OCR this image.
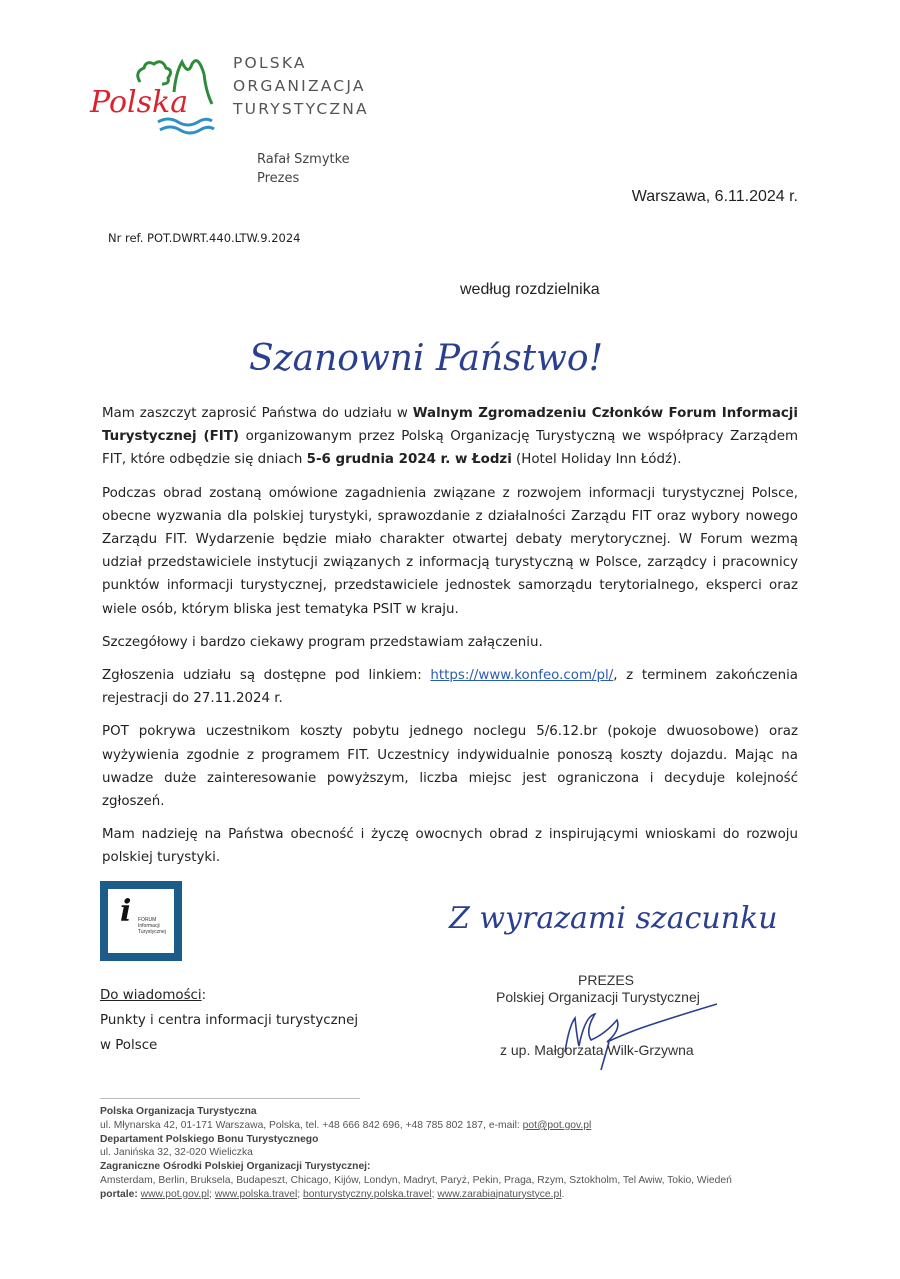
Polska
POLSKA
ORGANIZACJA
TURYSTYCZNA
Rafał Szmytke
Prezes
Warszawa, 6.11.2024 r.
Nr ref. POT.DWRT.440.LTW.9.2024
według rozdzielnika
Szanowni Państwo!

Mam zaszczyt zaprosić Państwa do udziału w Walnym Zgromadzeniu Członków Forum Informacji Turystycznej (FIT) organizowanym przez Polską Organizację Turystyczną we współpracy Zarządem FIT, które odbędzie się dniach 5-6 grudnia 2024 r. w Łodzi (Hotel Holiday Inn Łódź).

Podczas obrad zostaną omówione zagadnienia związane z rozwojem informacji turystycznej Polsce, obecne wyzwania dla polskiej turystyki, sprawozdanie z działalności Zarządu FIT oraz wybory nowego Zarządu FIT. Wydarzenie będzie miało charakter otwartej debaty merytorycznej. W Forum wezmą udział przedstawiciele instytucji związanych z informacją turystyczną w Polsce, zarządcy i pracownicy punktów informacji turystycznej, przedstawiciele jednostek samorządu terytorialnego, eksperci oraz wiele osób, którym bliska jest tematyka PSIT w kraju.

Szczegółowy i bardzo ciekawy program przedstawiam załączeniu.

Zgłoszenia udziału są dostępne pod linkiem: https://www.konfeo.com/pl/, z terminem zakończenia rejestracji do 27.11.2024 r.

POT pokrywa uczestnikom koszty pobytu jednego noclegu 5/6.12.br (pokoje dwuosobowe) oraz wyżywienia zgodnie z programem FIT. Uczestnicy indywidualnie ponoszą koszty dojazdu. Mając na uwadze duże zainteresowanie powyższym, liczba miejsc jest ograniczona i decyduje kolejność zgłoszeń.

Mam nadzieję na Państwa obecność i życzę owocnych obrad z inspirującymi wnioskami do rozwoju polskiej turystyki.

i FORUM
Informacji
Turystycznej	Z wyrazami szacunku
Do wiadomości:
Punkty i centra informacji turystycznej
w Polsce
PREZES
Polskiej Organizacji Turystycznej
z up. Małgorzata Wilk-Grzywna
Polska Organizacja Turystyczna
ul. Młynarska 42, 01-171 Warszawa, Polska, tel. +48 666 842 696, +48 785 802 187, e-mail: pot@pot.gov.pl
Departament Polskiego Bonu Turystycznego
ul. Janińska 32, 32-020 Wieliczka
Zagraniczne Ośrodki Polskiej Organizacji Turystycznej:
Amsterdam, Berlin, Bruksela, Budapeszt, Chicago, Kijów, Londyn, Madryt, Paryż, Pekin, Praga, Rzym, Sztokholm, Tel Awiw, Tokio, Wiedeń
portale: www.pot.gov.pl; www.polska.travel; bonturystyczny.polska.travel; www.zarabiajnaturystyce.pl.
